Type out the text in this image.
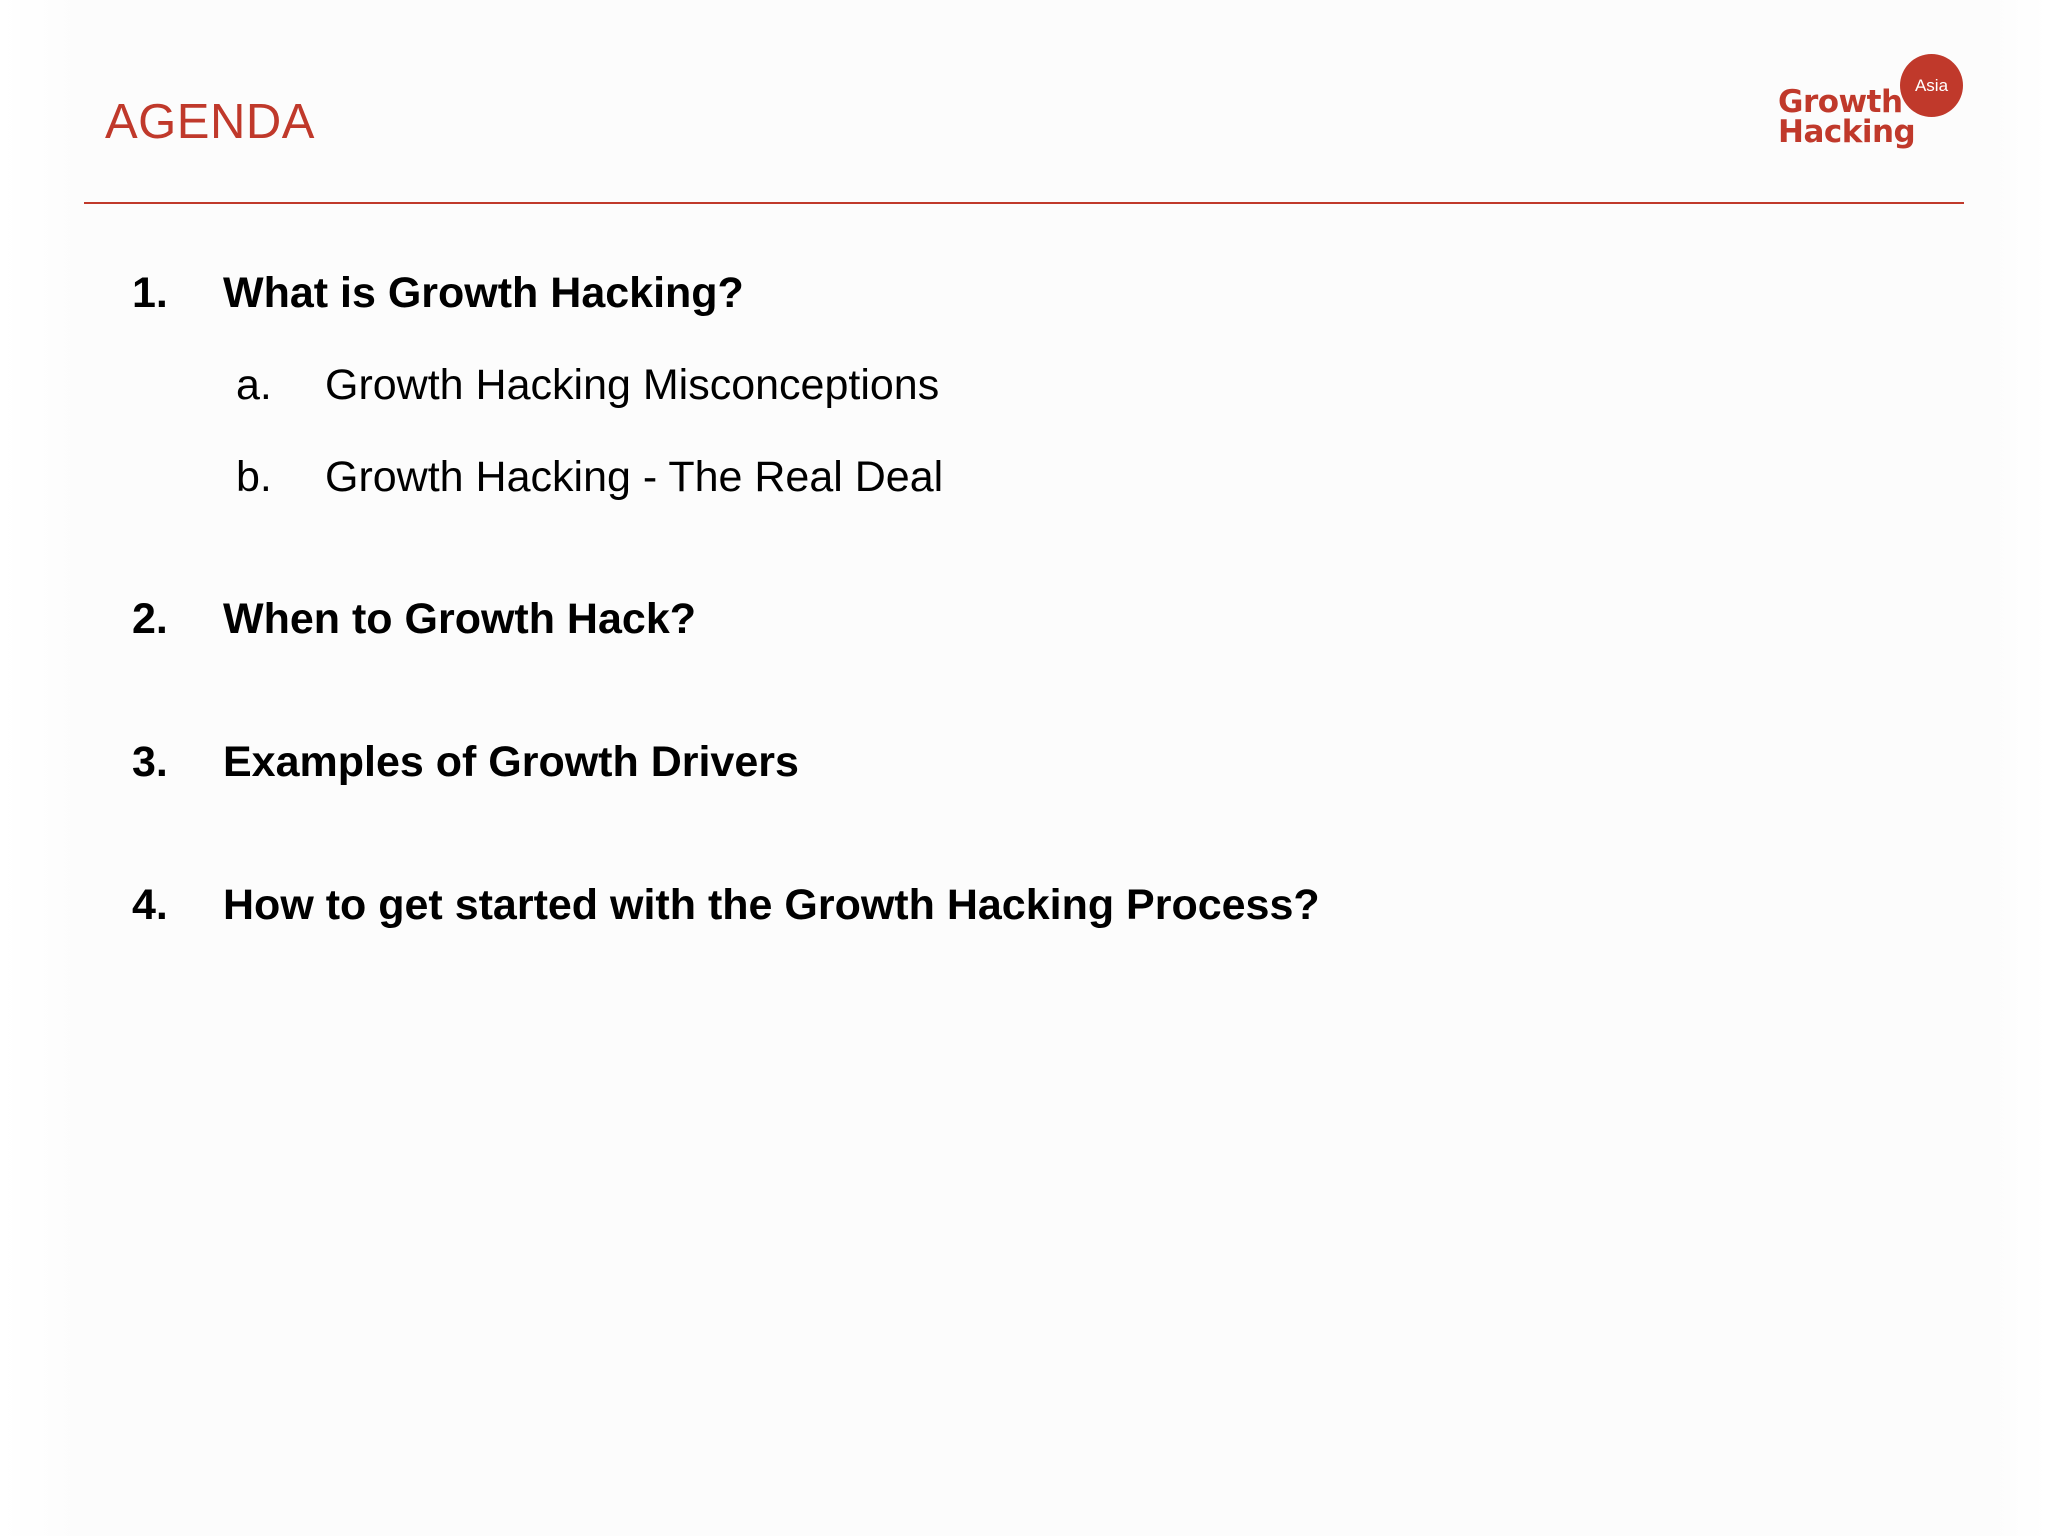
AGENDA
Asia
Growth
Hacking
1. What is Growth Hacking?
a. Growth Hacking Misconceptions
b. Growth Hacking - The Real Deal
2. When to Growth Hack?
3. Examples of Growth Drivers
4. How to get started with the Growth Hacking Process?
